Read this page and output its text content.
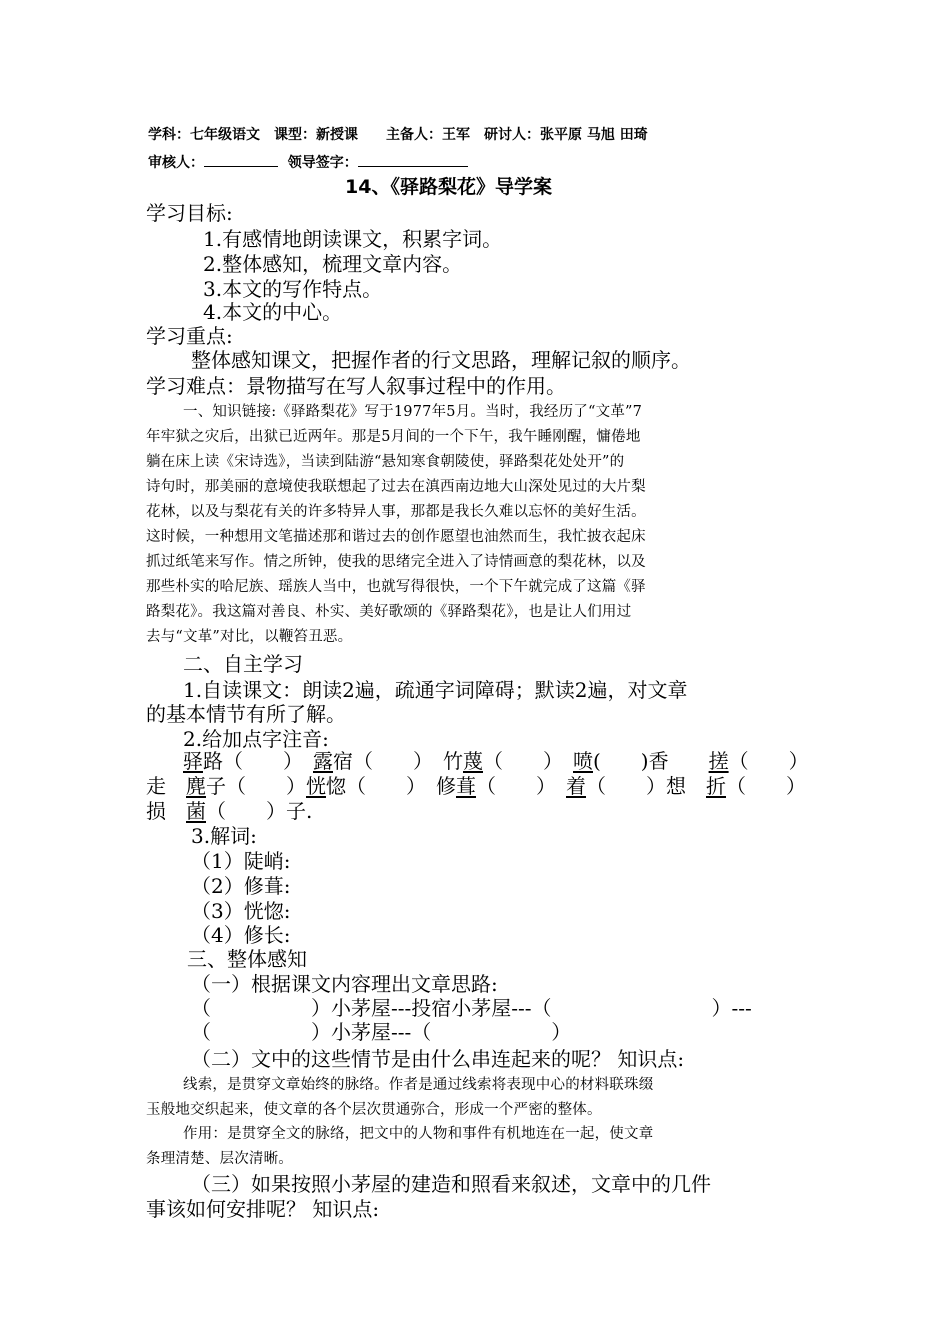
学科：七年级语文　课型：新授课　　主备人：王军　研讨人：张平原 马旭 田琦
审核人：	领导签字：
14、《驿路梨花》导学案
学习目标:
1.有感情地朗读课文，积累字词。
2.整体感知，梳理文章内容。
3.本文的写作特点。
4.本文的中心。
学习重点:
整体感知课文，把握作者的行文思路，理解记叙的顺序。
学习难点：景物描写在写人叙事过程中的作用。
一、知识链接:《驿路梨花》写于1977年5月。当时，我经历了“文革”7
年牢狱之灾后，出狱已近两年。那是5月间的一个下午，我午睡刚醒，慵倦地
躺在床上读《宋诗选》，当读到陆游“悬知寒食朝陵使，驿路梨花处处开”的
诗句时，那美丽的意境使我联想起了过去在滇西南边地大山深处见过的大片梨
花林，以及与梨花有关的许多特异人事，那都是我长久难以忘怀的美好生活。
这时候，一种想用文笔描述那和谐过去的创作愿望也油然而生，我忙披衣起床
抓过纸笔来写作。情之所钟，使我的思绪完全进入了诗情画意的梨花林，以及
那些朴实的哈尼族、瑶族人当中，也就写得很快，一个下午就完成了这篇《驿
路梨花》。我这篇对善良、朴实、美好歌颂的《驿路梨花》，也是让人们用过
去与“文革”对比，以鞭笞丑恶。
二、自主学习
1.自读课文：朗读2遍，疏通字词障碍；默读2遍，对文章
的基本情节有所了解。
2.给加点字注音:
驿 路（　　）　 露 宿（　　）　 竹 蔑 （　　）　 喷 (　　)香　　 搓 （　　）
走　 麂 子（　　） 恍 惚（　　）　 修 葺 （　　）　 着 （　　）想　 折 （　　）
损　 菌 （　　）子.
3.解词:
（1）陡峭:
（2）修葺:
（3）恍惚:
（4）修长:
三、整体感知
（一）根据课文内容理出文章思路:
（　　　　　）小茅屋---投宿小茅屋---（　　　　　　　　）---
（　　　　　）小茅屋---（　　　　　　）
（二）文中的这些情节是由什么串连起来的呢？ 知识点:
线索，是贯穿文章始终的脉络。作者是通过线索将表现中心的材料联珠缀
玉般地交织起来，使文章的各个层次贯通弥合，形成一个严密的整体。
作用：是贯穿全文的脉络，把文中的人物和事件有机地连在一起，使文章
条理清楚、层次清晰。
（三）如果按照小茅屋的建造和照看来叙述，文章中的几件
事该如何安排呢？ 知识点:
